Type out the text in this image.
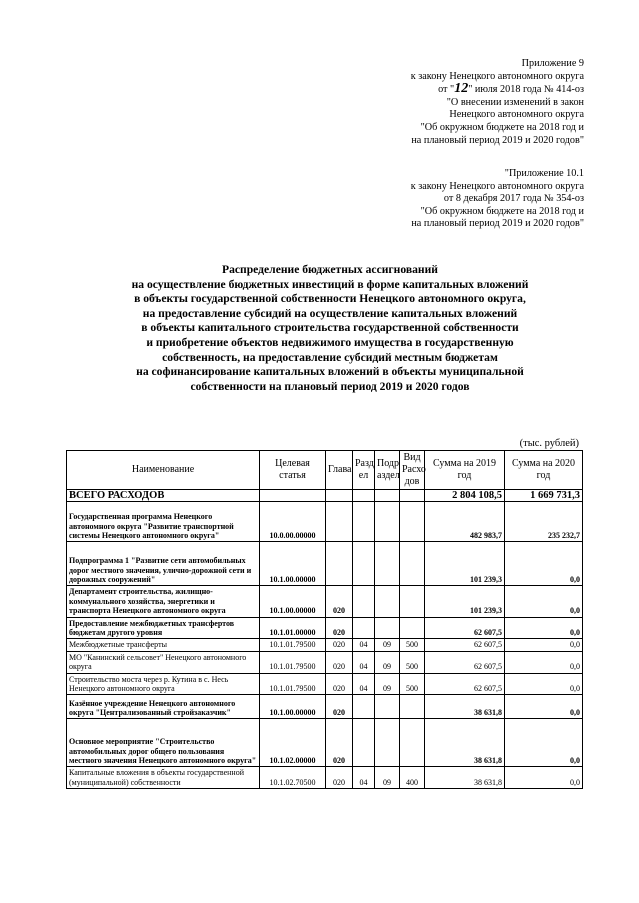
Приложение 9
к закону Ненецкого автономного округа
от "12" июля 2018 года № 414-оз
"О внесении изменений в закон
Ненецкого автономного округа
"Об окружном бюджете на 2018 год и
на плановый период 2019 и 2020 годов"
"Приложение 10.1
к закону Ненецкого автономного округа
от 8 декабря 2017 года № 354-оз
"Об окружном бюджете на 2018 год и
на плановый период 2019 и 2020 годов"
Распределение бюджетных ассигнований
на осуществление бюджетных инвестиций в форме капитальных вложений
в объекты государственной собственности Ненецкого автономного округа,
на предоставление субсидий на осуществление капитальных вложений
в объекты капитального строительства государственной собственности
и приобретение объектов недвижимого имущества в государственную
собственность, на предоставление субсидий местным бюджетам
на софинансирование капитальных вложений в объекты муниципальной
собственности на плановый период 2019 и 2020 годов
(тыс. рублей)
Наименование	Целевая статья	Глава	Разд ел	Подр аздел	Вид Расхо дов	Сумма на 2019 год	Сумма на 2020 год
ВСЕГО РАСХОДОВ						2 804 108,5	1 669 731,3
Государственная программа Ненецкого автономного округа "Развитие транспортной системы Ненецкого автономного округа"	10.0.00.00000					482 983,7	235 232,7
Подпрограмма 1 "Развитие сети автомобильных дорог местного значения, улично-дорожной сети и дорожных сооружений"	10.1.00.00000					101 239,3	0,0
Департамент строительства, жилищно-коммунального хозяйства, энергетики и транспорта Ненецкого автономного округа	10.1.00.00000	020				101 239,3	0,0
Предоставление межбюджетных трансфертов бюджетам другого уровня	10.1.01.00000	020				62 607,5	0,0
Межбюджетные трансферты	10.1.01.79500	020	04	09	500	62 607,5	0,0
МО "Канинский сельсовет" Ненецкого автономного округа	10.1.01.79500	020	04	09	500	62 607,5	0,0
Строительство моста через р. Кутина в с. Несь Ненецкого автономного округа	10.1.01.79500	020	04	09	500	62 607,5	0,0
Казённое учреждение Ненецкого автономного округа "Централизованный стройзаказчик"	10.1.00.00000	020				38 631,8	0,0
Основное мероприятие "Строительство автомобильных дорог общего пользования местного значения Ненецкого автономного округа"	10.1.02.00000	020				38 631,8	0,0
Капитальные вложения в объекты государственной (муниципальной) собственности	10.1.02.70500	020	04	09	400	38 631,8	0,0
